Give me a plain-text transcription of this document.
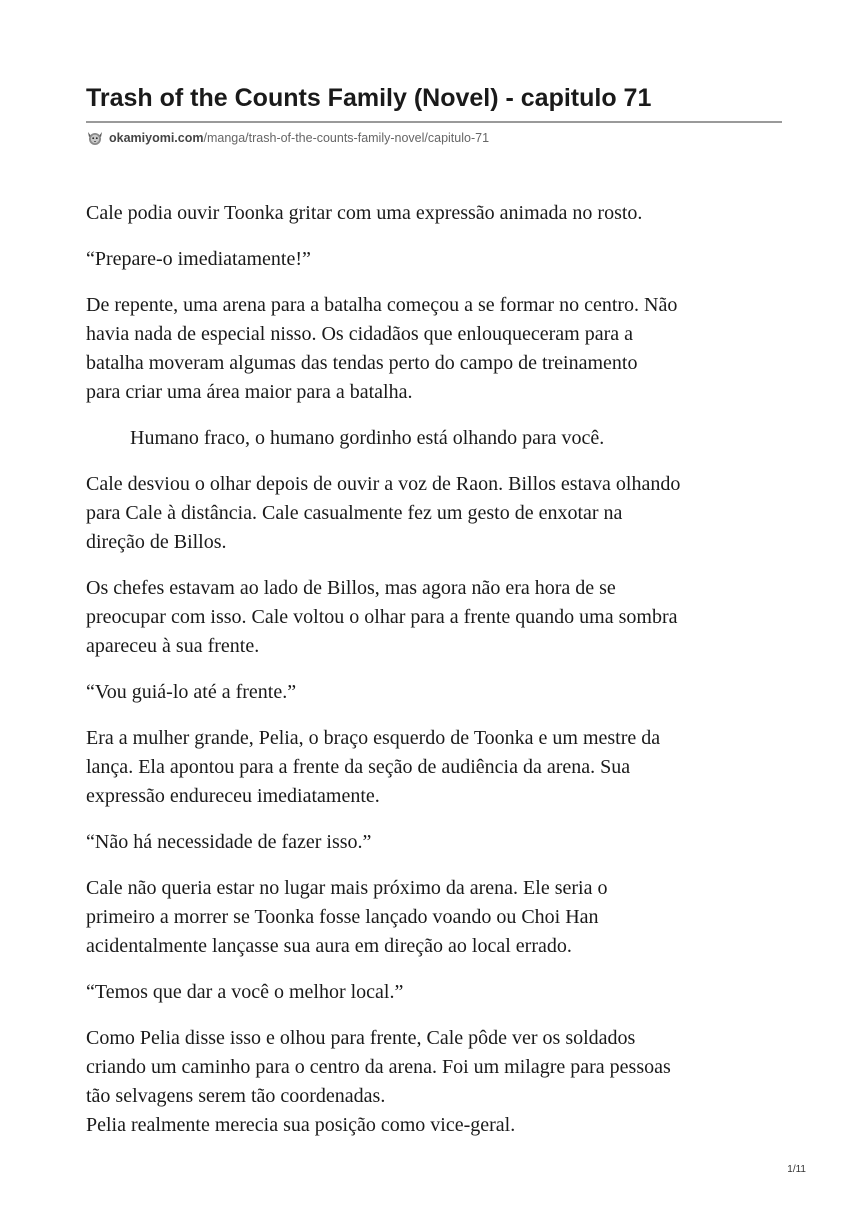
Trash of the Counts Family (Novel) - capitulo 71
okamiyomi.com /manga/trash-of-the-counts-family-novel/capitulo-71

Cale podia ouvir Toonka gritar com uma expressão animada no rosto.

“Prepare-o imediatamente!”

De repente, uma arena para a batalha começou a se formar no centro. Não
havia nada de especial nisso. Os cidadãos que enlouqueceram para a
batalha moveram algumas das tendas perto do campo de treinamento
para criar uma área maior para a batalha.

Humano fraco, o humano gordinho está olhando para você.

Cale desviou o olhar depois de ouvir a voz de Raon. Billos estava olhando
para Cale à distância. Cale casualmente fez um gesto de enxotar na
direção de Billos.

Os chefes estavam ao lado de Billos, mas agora não era hora de se
preocupar com isso. Cale voltou o olhar para a frente quando uma sombra
apareceu à sua frente.

“Vou guiá-lo até a frente.”

Era a mulher grande, Pelia, o braço esquerdo de Toonka e um mestre da
lança. Ela apontou para a frente da seção de audiência da arena. Sua
expressão endureceu imediatamente.

“Não há necessidade de fazer isso.”

Cale não queria estar no lugar mais próximo da arena. Ele seria o
primeiro a morrer se Toonka fosse lançado voando ou Choi Han
acidentalmente lançasse sua aura em direção ao local errado.

“Temos que dar a você o melhor local.”

Como Pelia disse isso e olhou para frente, Cale pôde ver os soldados
criando um caminho para o centro da arena. Foi um milagre para pessoas
tão selvagens serem tão coordenadas.
Pelia realmente merecia sua posição como vice-geral.

1/11
